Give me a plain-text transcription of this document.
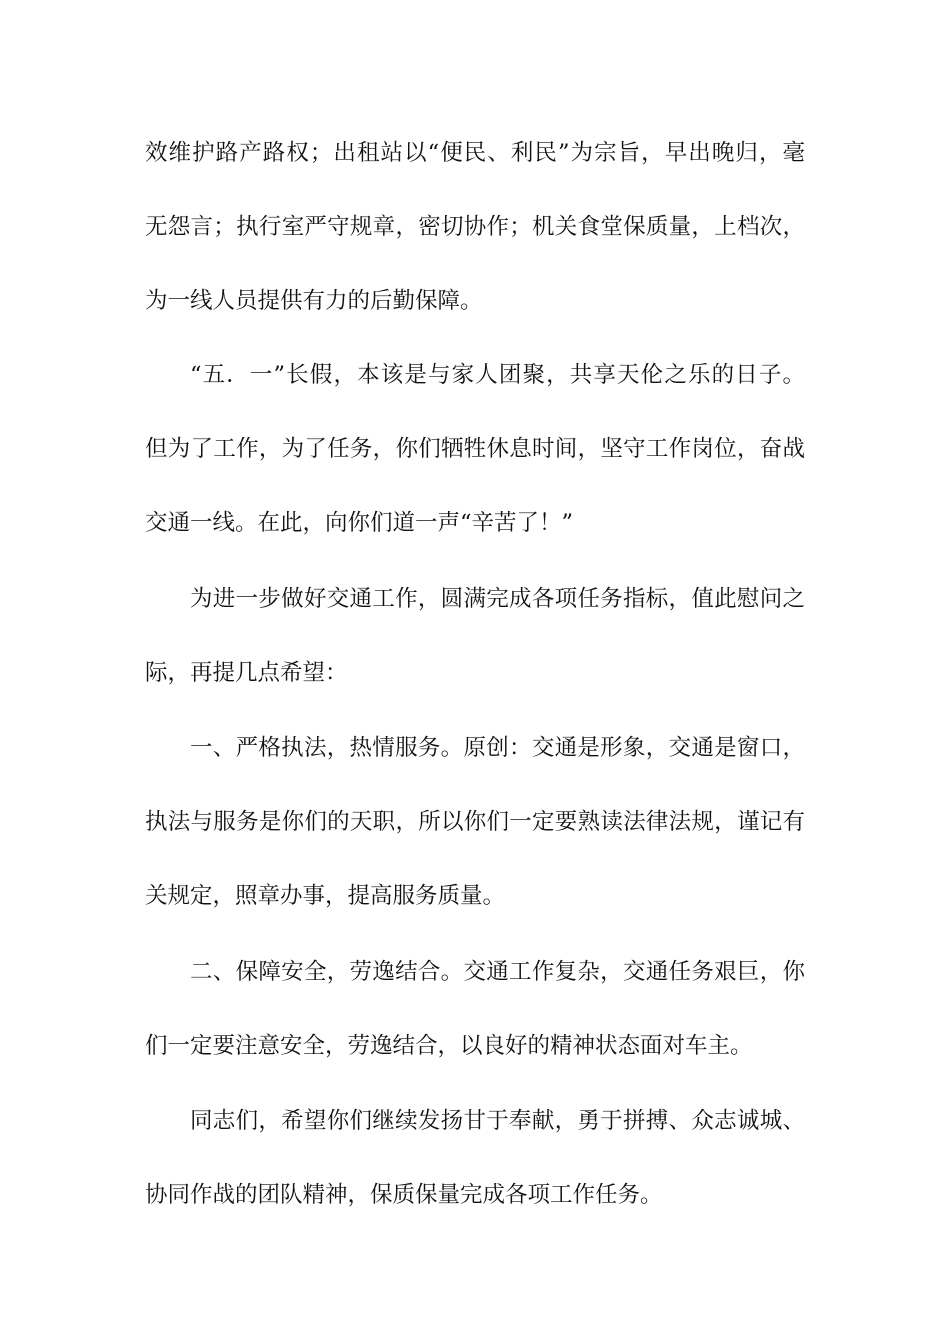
效维护路产路权；出租站以“便民、利民”为宗旨，早出晚归，毫
无怨言；执行室严守规章，密切协作；机关食堂保质量，上档次，
为一线人员提供有力的后勤保障。
“五．一”长假，本该是与家人团聚，共享天伦之乐的日子。
但为了工作，为了任务，你们牺牲休息时间，坚守工作岗位，奋战
交通一线。在此，向你们道一声“辛苦了！”
为进一步做好交通工作，圆满完成各项任务指标，值此慰问之
际，再提几点希望：
一、严格执法，热情服务。原创：交通是形象，交通是窗口，
执法与服务是你们的天职，所以你们一定要熟读法律法规，谨记有
关规定，照章办事，提高服务质量。
二、保障安全，劳逸结合。交通工作复杂，交通任务艰巨，你
们一定要注意安全，劳逸结合，以良好的精神状态面对车主。
同志们，希望你们继续发扬甘于奉献，勇于拼搏、众志诚城、
协同作战的团队精神，保质保量完成各项工作任务。
